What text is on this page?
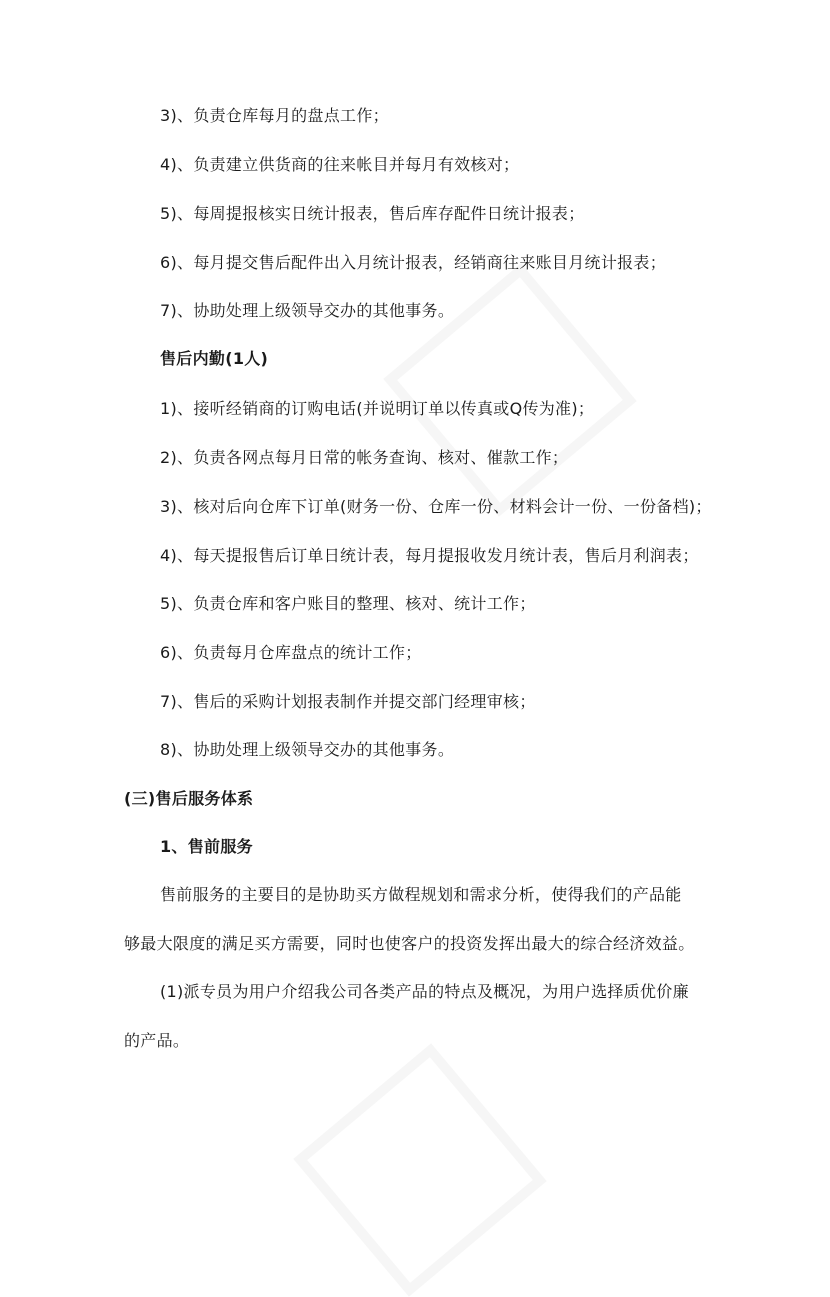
3)、负责仓库每月的盘点工作；
4)、负责建立供货商的往来帐目并每月有效核对；
5)、每周提报核实日统计报表，售后库存配件日统计报表；
6)、每月提交售后配件出入月统计报表，经销商往来账目月统计报表；
7)、协助处理上级领导交办的其他事务。
售后内勤(1人)
1)、接听经销商的订购电话(并说明订单以传真或Q传为准)；
2)、负责各网点每月日常的帐务查询、核对、催款工作；
3)、核对后向仓库下订单(财务一份、仓库一份、材料会计一份、一份备档)；
4)、每天提报售后订单日统计表，每月提报收发月统计表，售后月利润表；
5)、负责仓库和客户账目的整理、核对、统计工作；
6)、负责每月仓库盘点的统计工作；
7)、售后的采购计划报表制作并提交部门经理审核；
8)、协助处理上级领导交办的其他事务。
(三)售后服务体系
1、售前服务
售前服务的主要目的是协助买方做程规划和需求分析，使得我们的产品能
够最大限度的满足买方需要，同时也使客户的投资发挥出最大的综合经济效益。
(1)派专员为用户介绍我公司各类产品的特点及概况，为用户选择质优价廉
的产品。
